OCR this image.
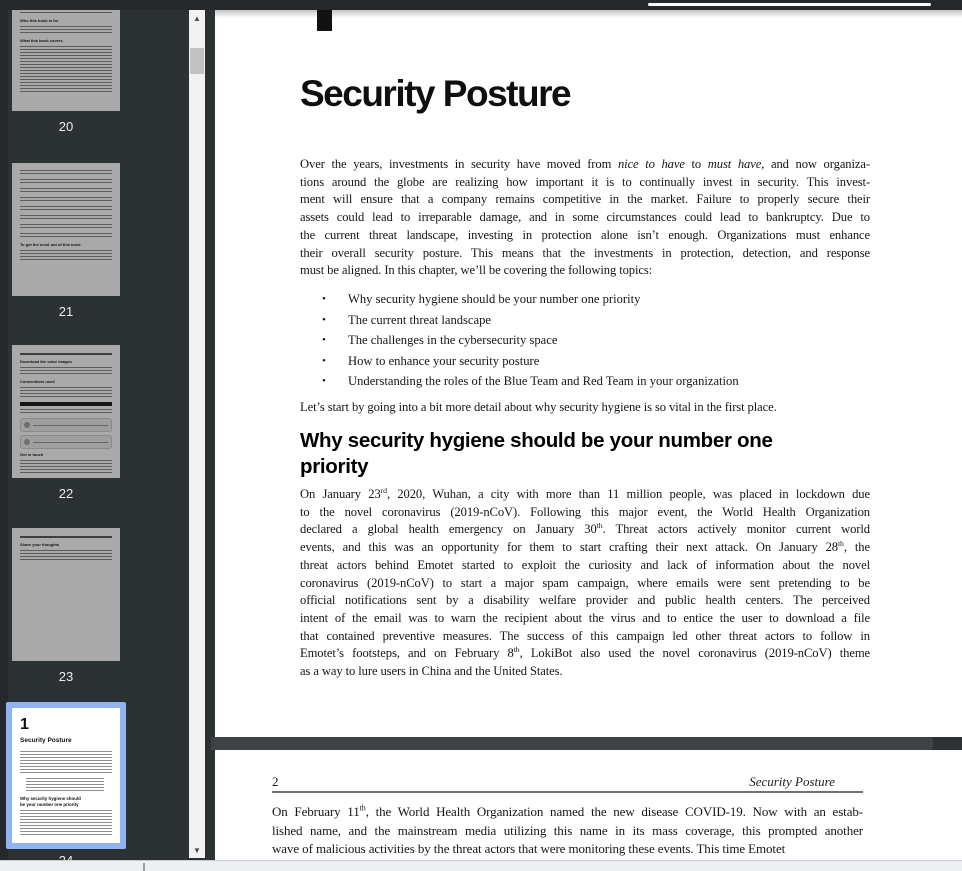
Who this book is for
What this book covers
20
To get the most out of this book
21
Download the color images
Conventions used
Get in touch
22
Share your thoughts
23
1
Security Posture
Why security hygiene should be your number one priority
▲
▼
Security Posture
Over the years, investments in security have moved from nice to have to must have, and now organiza-
tions around the globe are realizing how important it is to continually invest in security. This invest-
ment will ensure that a company remains competitive in the market. Failure to properly secure their
assets could lead to irreparable damage, and in some circumstances could lead to bankruptcy. Due to
the current threat landscape, investing in protection alone isn’t enough. Organizations must enhance
their overall security posture. This means that the investments in protection, detection, and response
must be aligned. In this chapter, we’ll be covering the following topics:
•	Why security hygiene should be your number one priority
•	The current threat landscape
•	The challenges in the cybersecurity space
•	How to enhance your security posture
•	Understanding the roles of the Blue Team and Red Team in your organization
Let’s start by going into a bit more detail about why security hygiene is so vital in the first place.
Why security hygiene should be your number one
priority
On January 23rd, 2020, Wuhan, a city with more than 11 million people, was placed in lockdown due
to the novel coronavirus (2019-nCoV). Following this major event, the World Health Organization
declared a global health emergency on January 30th. Threat actors actively monitor current world
events, and this was an opportunity for them to start crafting their next attack. On January 28th, the
threat actors behind Emotet started to exploit the curiosity and lack of information about the novel
coronavirus (2019-nCoV) to start a major spam campaign, where emails were sent pretending to be
official notifications sent by a disability welfare provider and public health centers. The perceived
intent of the email was to warn the recipient about the virus and to entice the user to download a file
that contained preventive measures. The success of this campaign led other threat actors to follow in
Emotet’s footsteps, and on February 8th, LokiBot also used the novel coronavirus (2019-nCoV) theme
as a way to lure users in China and the United States.
2	Security Posture
On February 11th, the World Health Organization named the new disease COVID-19. Now with an estab-
lished name, and the mainstream media utilizing this name in its mass coverage, this prompted another
wave of malicious activities by the threat actors that were monitoring these events. This time Emotet
